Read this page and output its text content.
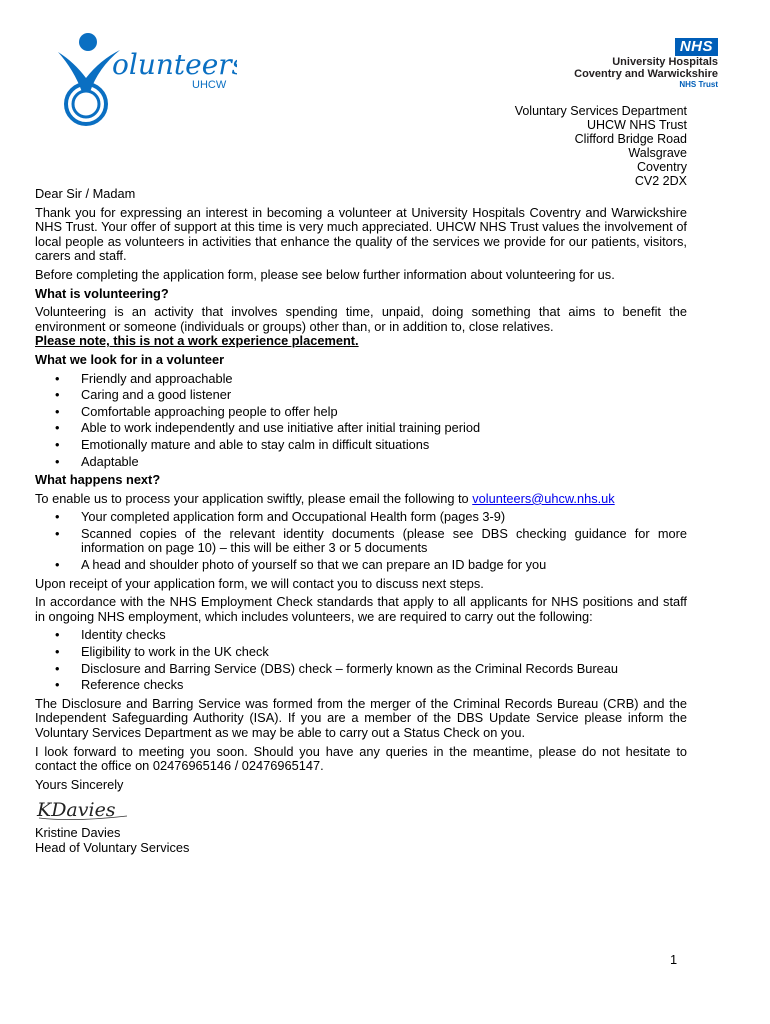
olunteers
UHCW
NHS
University Hospitals
Coventry and Warwickshire
NHS Trust
Voluntary Services Department
UHCW NHS Trust
Clifford Bridge Road
Walsgrave
Coventry
CV2 2DX

Dear Sir / Madam

Thank you for expressing an interest in becoming a volunteer at University Hospitals Coventry and Warwickshire NHS Trust. Your offer of support at this time is very much appreciated. UHCW NHS Trust values the involvement of local people as volunteers in activities that enhance the quality of the services we provide for our patients, visitors, carers and staff.

Before completing the application form, please see below further information about volunteering for us.

What is volunteering?

Volunteering is an activity that involves spending time, unpaid, doing something that aims to benefit the environment or someone (individuals or groups) other than, or in addition to, close relatives.

Please note, this is not a work experience placement.
What we look for in a volunteer
• Friendly and approachable
• Caring and a good listener
• Comfortable approaching people to offer help
• Able to work independently and use initiative after initial training period
• Emotionally mature and able to stay calm in difficult situations
• Adaptable
What happens next?

To enable us to process your application swiftly, please email the following to volunteers@uhcw.nhs.uk

• Your completed application form and Occupational Health form (pages 3-9)
• Scanned copies of the relevant identity documents (please see DBS checking guidance for more information on page 10) – this will be either 3 or 5 documents
• A head and shoulder photo of yourself so that we can prepare an ID badge for you

Upon receipt of your application form, we will contact you to discuss next steps.

In accordance with the NHS Employment Check standards that apply to all applicants for NHS positions and staff in ongoing NHS employment, which includes volunteers, we are required to carry out the following:

• Identity checks
• Eligibility to work in the UK check
• Disclosure and Barring Service (DBS) check – formerly known as the Criminal Records Bureau
• Reference checks

The Disclosure and Barring Service was formed from the merger of the Criminal Records Bureau (CRB) and the Independent Safeguarding Authority (ISA). If you are a member of the DBS Update Service please inform the Voluntary Services Department as we may be able to carry out a Status Check on you.

I look forward to meeting you soon. Should you have any queries in the meantime, please do not hesitate to contact the office on 02476965146 / 02476965147.

Yours Sincerely

KDavies
Kristine Davies
Head of Voluntary Services
1
